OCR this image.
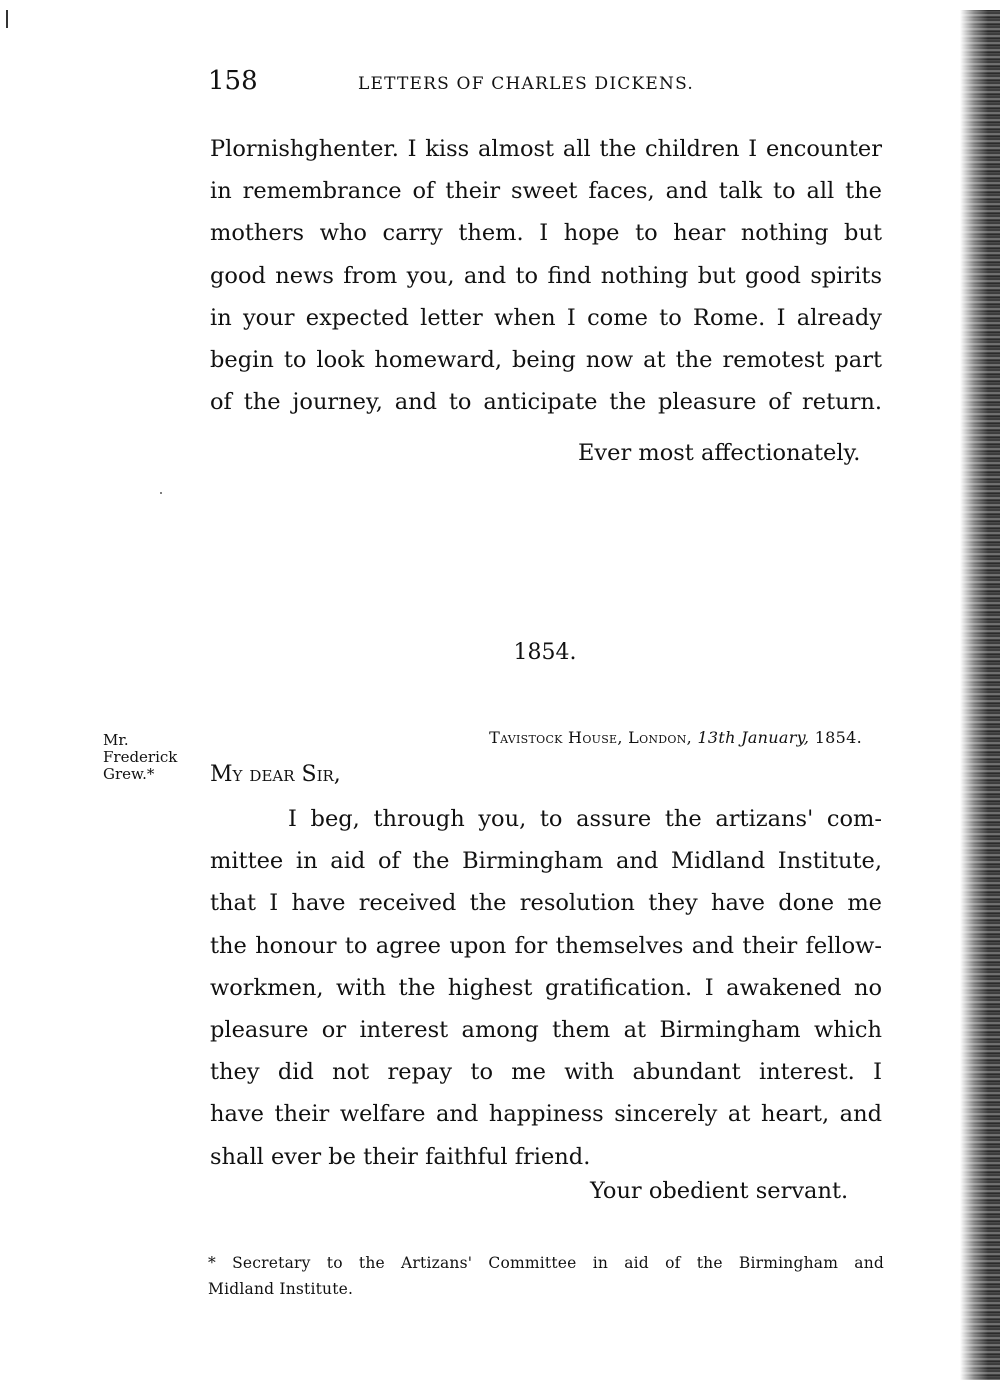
158	LETTERS OF CHARLES DICKENS.
Plornishghenter. I kiss almost all the children I encounter
in remembrance of their sweet faces, and talk to all the
mothers who carry them. I hope to hear nothing but
good news from you, and to find nothing but good spirits
in your expected letter when I come to Rome. I already
begin to look homeward, being now at the remotest part
of the journey, and to anticipate the pleasure of return.
Ever most affectionately.
1854.
Mr.
Frederick
Grew.*
Tavistock House, London, 13th January, 1854.
My dear Sir,
I beg, through you, to assure the artizans' com-
mittee in aid of the Birmingham and Midland Institute,
that I have received the resolution they have done me
the honour to agree upon for themselves and their fellow-
workmen, with the highest gratification. I awakened no
pleasure or interest among them at Birmingham which
they did not repay to me with abundant interest. I
have their welfare and happiness sincerely at heart, and
shall ever be their faithful friend.
Your obedient servant.
* Secretary to the Artizans' Committee in aid of the Birmingham and
Midland Institute.
